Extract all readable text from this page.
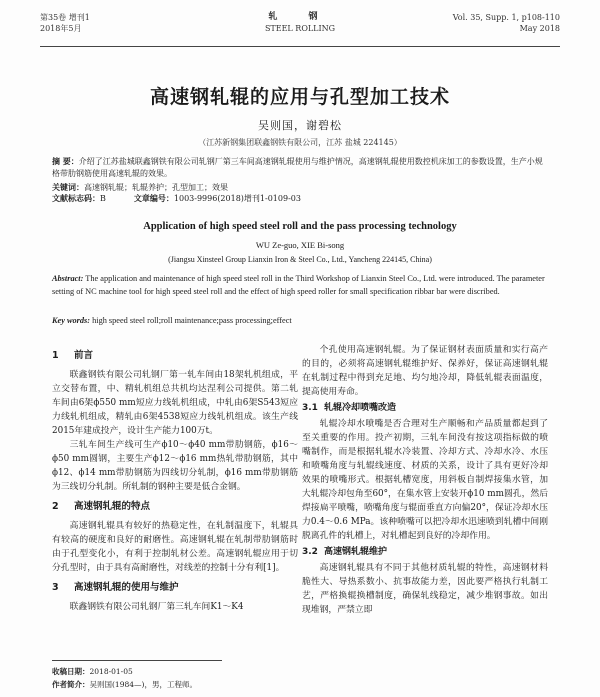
第35卷 增刊1
2018年5月
轧 钢
STEEL ROLLING
Vol. 35, Supp. 1, p108-110
May 2018
高速钢轧辊的应用与孔型加工技术
吴则国，谢碧松
（江苏新钢集团联鑫钢铁有限公司，江苏 盐城 224145）
摘 要：介绍了江苏盐城联鑫钢铁有限公司轧钢厂第三车间高速钢轧辊使用与维护情况，高速钢轧辊使用数控机床加工的参数设置，生产小规格带肋钢筋使用高速轧辊的效果。
关键词：高速钢轧辊；轧辊养护；孔型加工；效果
文献标志码：B	文章编号：1003-9996(2018)增刊1-0109-03
Application of high speed steel roll and the pass processing technology
WU Ze-guo, XIE Bi-song
(Jiangsu Xinsteel Group Lianxin Iron & Steel Co., Ltd., Yancheng 224145, China)
Abstract: The application and maintenance of high speed steel roll in the Third Workshop of Lianxin Steel Co., Ltd. were introduced. The parameter setting of NC machine tool for high speed steel roll and the effect of high speed roller for small specification ribbar bar were discribed.
Key words: high speed steel roll;roll maintenance;pass processing;effect
1 前言

联鑫钢铁有限公司轧钢厂第一轧车间由18架轧机组成，平立交替布置，中、精轧机组总共机均达涅利公司提供。第二轧车间由6架ϕ550 mm短应力线轧机组成，中轧由6架S543短应力线轧机组成，精轧由6架4538短应力线轧机组成。该生产线2015年建成投产，设计生产能力100万t。

三轧车间生产线可生产ϕ10～ϕ40 mm带肋钢筋，ϕ16～ϕ50 mm圆钢，主要生产ϕ12～ϕ16 mm热轧带肋钢筋，其中ϕ12、ϕ14 mm带肋钢筋为四线切分轧制，ϕ16 mm带肋钢筋为三线切分轧制。所轧制的钢种主要是低合金钢。

2 高速钢轧辊的特点

高速钢轧辊具有较好的热稳定性，在轧制温度下，轧辊具有较高的硬度和良好的耐磨性。高速钢轧辊在轧制带肋钢筋时由于孔型变化小，有利于控制轧材公差。高速钢轧辊应用于切分孔型时，由于具有高耐磨性，对线差的控制十分有利[1]。

3 高速钢轧辊的使用与维护

联鑫钢铁有限公司轧钢厂第三轧车间K1～K4

个孔使用高速钢轧辊。为了保证钢材表面质量和实行高产的目的，必须将高速钢轧辊维护好、保养好，保证高速钢轧辊在轧制过程中得到充足地、均匀地冷却，降低轧辊表面温度，提高使用寿命。

3.1 轧辊冷却喷嘴改造

轧辊冷却水喷嘴是否合理对生产顺畅和产品质量都起到了至关重要的作用。投产初期，三轧车间没有按这项指标做的喷嘴制作，而是根据轧辊水冷装置、冷却方式、冷却水冷、水压和喷嘴角度与轧辊线速度、材质的关系，设计了具有更好冷却效果的喷嘴形式。根据轧槽宽度，用斜板自制焊接集水管，加大轧辊冷却包角至60°，在集水管上安装开ϕ10 mm圆孔，然后焊接扁平喷嘴，喷嘴角度与辊面垂直方向偏20°，保证冷却水压力0.4～0.6 MPa。该种喷嘴可以把冷却水迅速喷到轧槽中间刚脱离孔件的轧槽上，对轧槽起到良好的冷却作用。

3.2 高速钢轧辊维护

高速钢轧辊具有不同于其他材质轧辊的特性，高速钢材料脆性大、导热系数小、抗事故能力差，因此要严格执行轧制工艺，严格换辊换槽制度，确保轧线稳定，减少堆钢事故。如出现堆钢，严禁立即

收稿日期：2018-01-05
作者简介：吴则国(1984—)，男，工程师。
